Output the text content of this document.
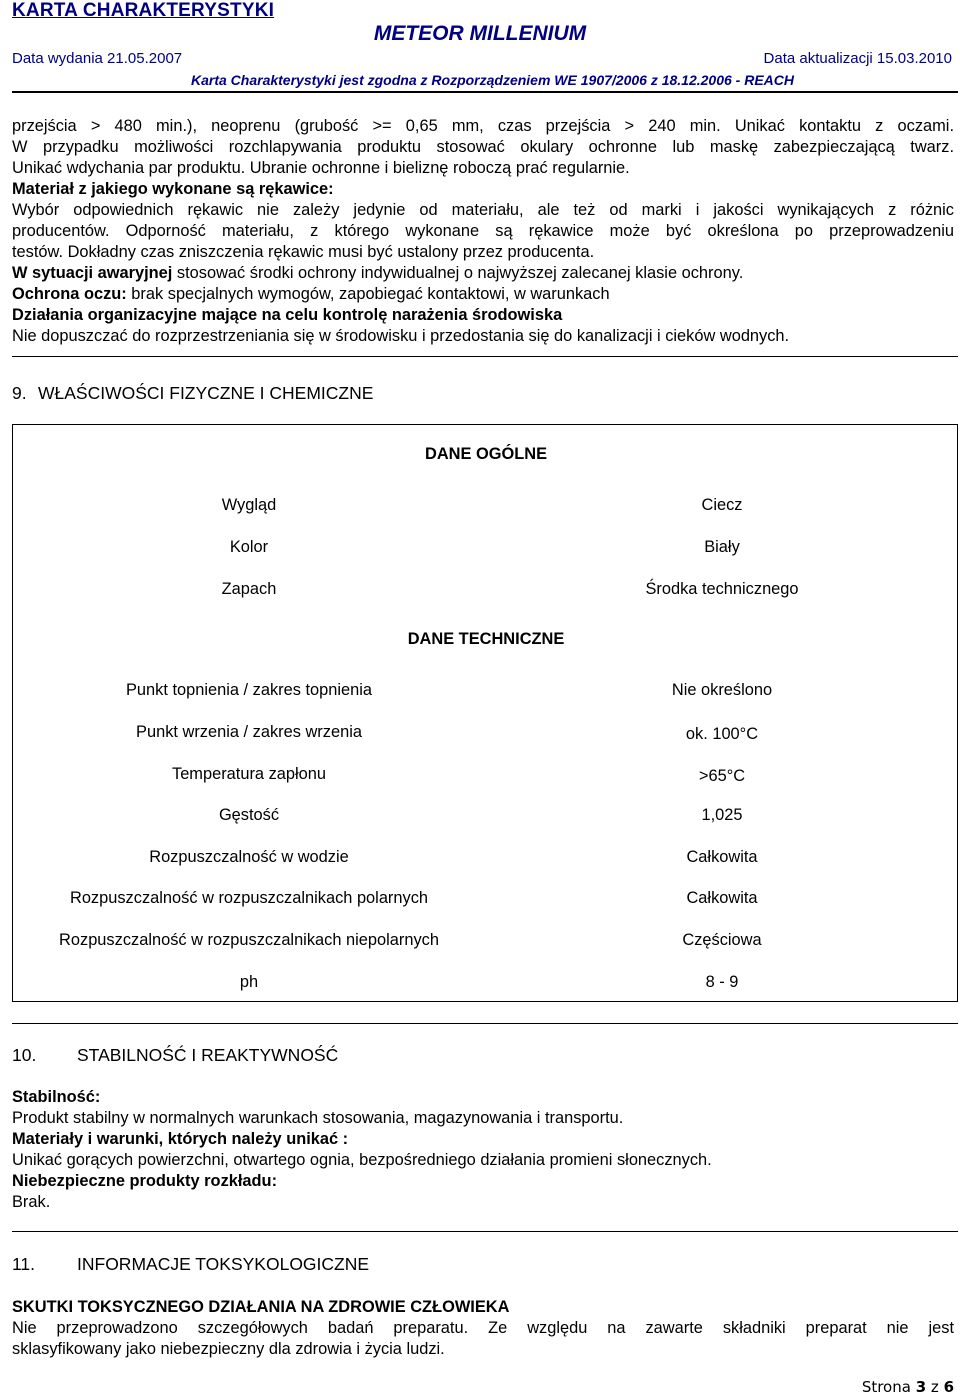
KARTA CHARAKTERYSTYKI
METEOR MILLENIUM
Data wydania 21.05.2007	Data aktualizacji 15.03.2010
Karta Charakterystyki jest zgodna z Rozporządzeniem WE 1907/2006 z 18.12.2006 - REACH
przejścia > 480 min.), neoprenu (grubość >= 0,65 mm, czas przejścia > 240 min. Unikać kontaktu z oczami.
W przypadku możliwości rozchlapywania produktu stosować okulary ochronne lub maskę zabezpieczającą twarz.
Unikać wdychania par produktu. Ubranie ochronne i bieliznę roboczą prać regularnie.
Materiał z jakiego wykonane są rękawice:
Wybór odpowiednich rękawic nie zależy jedynie od materiału, ale też od marki i jakości wynikających z różnic
producentów. Odporność materiału, z którego wykonane są rękawice może być określona po przeprowadzeniu
testów. Dokładny czas zniszczenia rękawic musi być ustalony przez producenta.
W sytuacji awaryjnej stosować środki ochrony indywidualnej o najwyższej zalecanej klasie ochrony.
Ochrona oczu: brak specjalnych wymogów, zapobiegać kontaktowi, w warunkach
Działania organizacyjne mające na celu kontrolę narażenia środowiska
Nie dopuszczać do rozprzestrzeniania się w środowisku i przedostania się do kanalizacji i cieków wodnych.
9. WŁAŚCIWOŚCI FIZYCZNE I CHEMICZNE
DANE OGÓLNE
Wygląd	Ciecz
Kolor	Biały
Zapach	Środka technicznego
DANE TECHNICZNE
Punkt topnienia / zakres topnienia	Nie określono
Punkt wrzenia / zakres wrzenia	ok. 100°C
Temperatura zapłonu	>65°C
Gęstość	1,025
Rozpuszczalność w wodzie	Całkowita
Rozpuszczalność w rozpuszczalnikach polarnych	Całkowita
Rozpuszczalność w rozpuszczalnikach niepolarnych	Częściowa
ph	8 - 9
10. STABILNOŚĆ I REAKTYWNOŚĆ
Stabilność:
Produkt stabilny w normalnych warunkach stosowania, magazynowania i transportu.
Materiały i warunki, których należy unikać :
Unikać gorących powierzchni, otwartego ognia, bezpośredniego działania promieni słonecznych.
Niebezpieczne produkty rozkładu:
Brak.
11. INFORMACJE TOKSYKOLOGICZNE
SKUTKI TOKSYCZNEGO DZIAŁANIA NA ZDROWIE CZŁOWIEKA
Nie przeprowadzono szczegółowych badań preparatu. Ze względu na zawarte składniki preparat nie jest
sklasyfikowany jako niebezpieczny dla zdrowia i życia ludzi.
Strona 3 z 6
